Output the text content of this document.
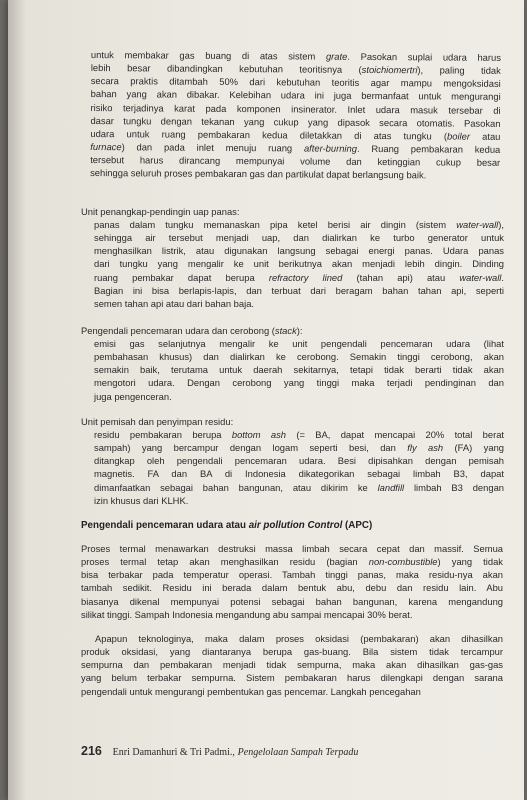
untuk membakar gas buang di atas sistem grate. Pasokan suplai udara harus

lebih besar dibandingkan kebutuhan teoritisnya (stoichiomertri), paling tidak

secara praktis ditambah 50% dari kebutuhan teoritis agar mampu mengoksidasi

bahan yang akan dibakar. Kelebihan udara ini juga bermanfaat untuk mengurangi

risiko terjadinya karat pada komponen insinerator. Inlet udara masuk tersebar di

dasar tungku dengan tekanan yang cukup yang dipasok secara otomatis. Pasokan

udara untuk ruang pembakaran kedua diletakkan di atas tungku (boiler atau

furnace) dan pada inlet menuju ruang after-burning. Ruang pembakaran kedua

tersebut harus dirancang mempunyai volume dan ketinggian cukup besar

sehingga seluruh proses pembakaran gas dan partikulat dapat berlangsung baik.

Unit penangkap-pendingin uap panas:

panas dalam tungku memanaskan pipa ketel berisi air dingin (sistem water-wall),

sehingga air tersebut menjadi uap, dan dialirkan ke turbo generator untuk

menghasilkan listrik, atau digunakan langsung sebagai energi panas. Udara panas

dari tungku yang mengalir ke unit berikutnya akan menjadi lebih dingin. Dinding

ruang pembakar dapat berupa refractory lined (tahan api) atau water-wall.

Bagian ini bisa berlapis-lapis, dan terbuat dari beragam bahan tahan api, seperti

semen tahan api atau dari bahan baja.

Pengendali pencemaran udara dan cerobong (stack):

emisi gas selanjutnya mengalir ke unit pengendali pencemaran udara (lihat

pembahasan khusus) dan dialirkan ke cerobong. Semakin tinggi cerobong, akan

semakin baik, terutama untuk daerah sekitarnya, tetapi tidak berarti tidak akan

mengotori udara. Dengan cerobong yang tinggi maka terjadi pendinginan dan

juga pengenceran.

Unit pemisah dan penyimpan residu:

residu pembakaran berupa bottom ash (= BA, dapat mencapai 20% total berat

sampah) yang bercampur dengan logam seperti besi, dan fly ash (FA) yang

ditangkap oleh pengendali pencemaran udara. Besi dipisahkan dengan pemisah

magnetis. FA dan BA di Indonesia dikategorikan sebagai limbah B3, dapat

dimanfaatkan sebagai bahan bangunan, atau dikirim ke landfill limbah B3 dengan

izin khusus dari KLHK.

Pengendali pencemaran udara atau air pollution Control (APC)

Proses termal menawarkan destruksi massa limbah secara cepat dan massif. Semua

proses termal tetap akan menghasilkan residu (bagian non-combustible) yang tidak

bisa terbakar pada temperatur operasi. Tambah tinggi panas, maka residu-nya akan

tambah sedikit. Residu ini berada dalam bentuk abu, debu dan residu lain. Abu

biasanya dikenal mempunyai potensi sebagai bahan bangunan, karena mengandung

silikat tinggi. Sampah Indonesia mengandung abu sampai mencapai 30% berat.

Apapun teknologinya, maka dalam proses oksidasi (pembakaran) akan dihasilkan

produk oksidasi, yang diantaranya berupa gas-buang. Bila sistem tidak tercampur

sempurna dan pembakaran menjadi tidak sempurna, maka akan dihasilkan gas-gas

yang belum terbakar sempurna. Sistem pembakaran harus dilengkapi dengan sarana

pengendali untuk mengurangi pembentukan gas pencemar. Langkah pencegahan

216 Enri Damanhuri & Tri Padmi., Pengelolaan Sampah Terpadu
